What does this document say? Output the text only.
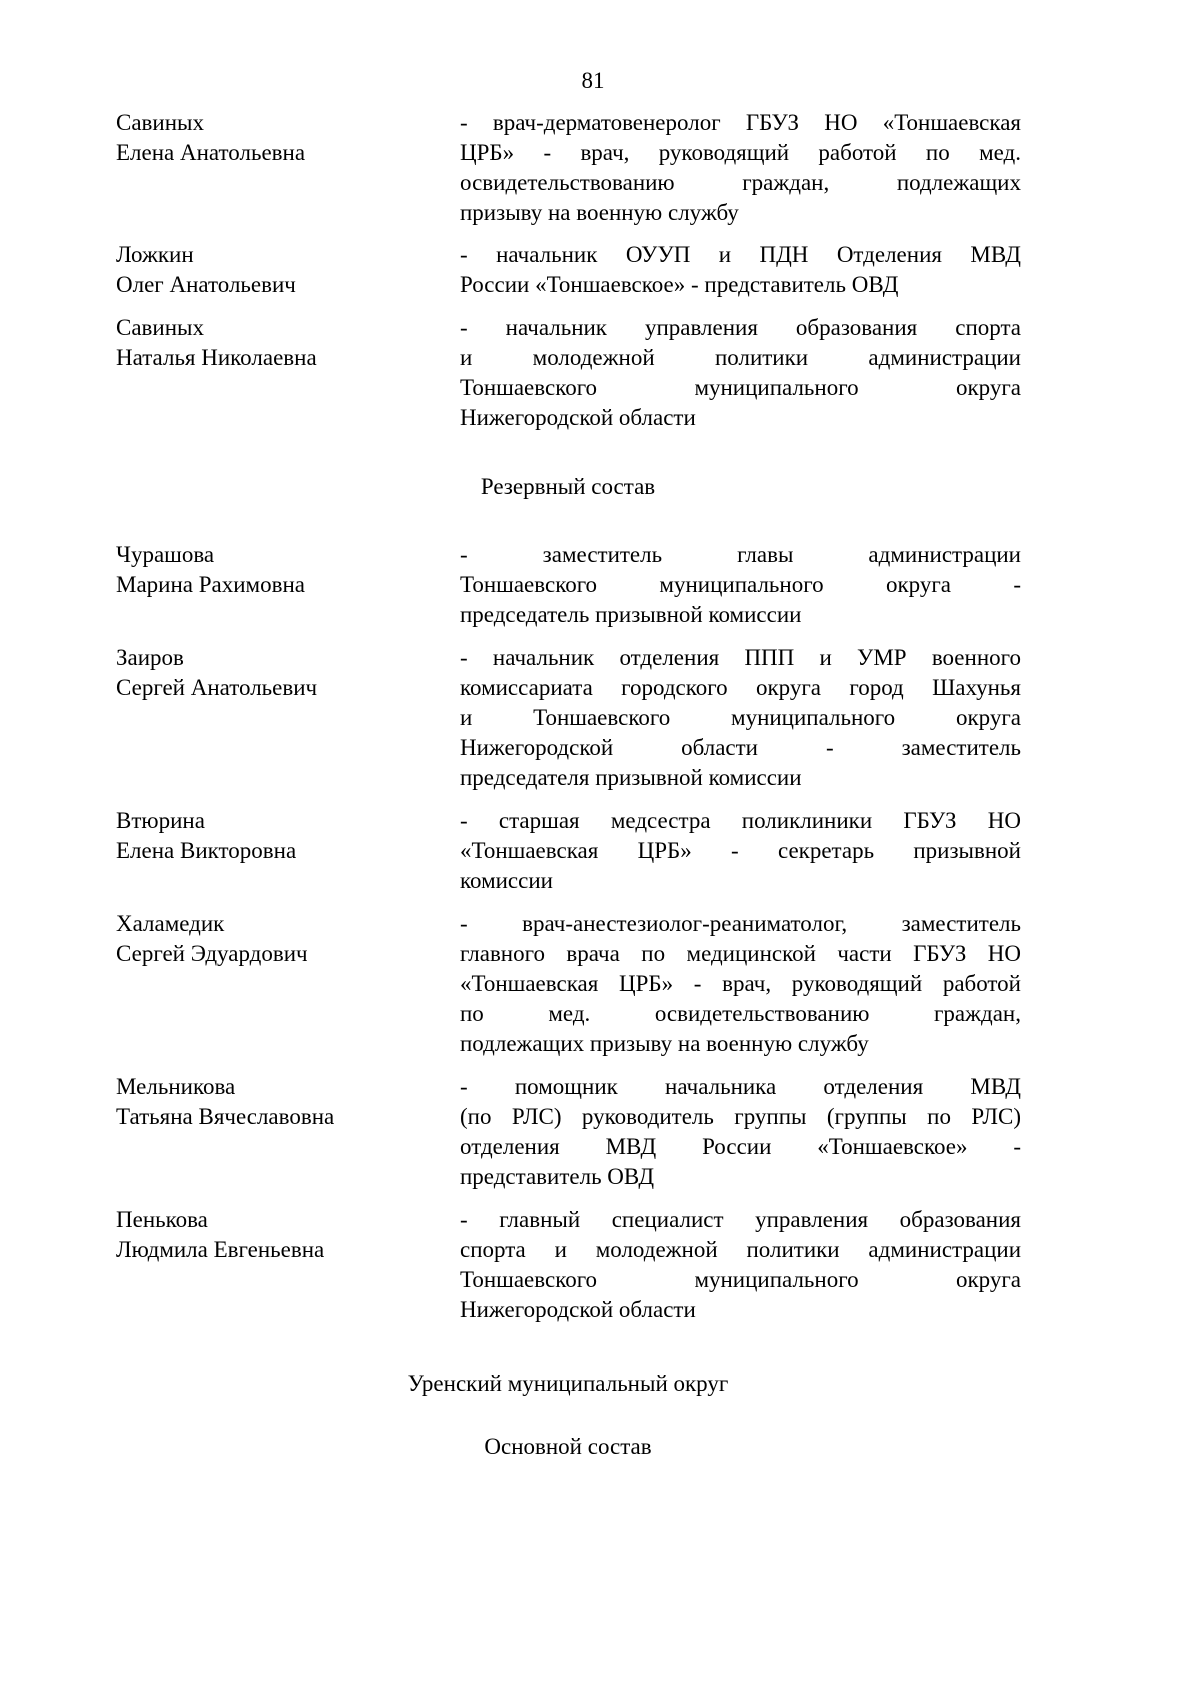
81
Савиных
Елена Анатольевна
- врач-дерматовенеролог ГБУЗ НО «Тоншаевская
ЦРБ» - врач, руководящий работой по мед.
освидетельствованию граждан, подлежащих
призыву на военную службу
Ложкин
Олег Анатольевич
- начальник ОУУП и ПДН Отделения МВД
России «Тоншаевское» - представитель ОВД
Савиных
Наталья Николаевна
- начальник управления образования спорта
и молодежной политики администрации
Тоншаевского муниципального округа
Нижегородской области
Чурашова
Марина Рахимовна
- заместитель главы администрации
Тоншаевского муниципального округа -
председатель призывной комиссии
Заиров
Сергей Анатольевич
- начальник отделения ППП и УМР военного
комиссариата городского округа город Шахунья
и Тоншаевского муниципального округа
Нижегородской области - заместитель
председателя призывной комиссии
Втюрина
Елена Викторовна
- старшая медсестра поликлиники ГБУЗ НО
«Тоншаевская ЦРБ» - секретарь призывной
комиссии
Халамедик
Сергей Эдуардович
- врач-анестезиолог-реаниматолог, заместитель
главного врача по медицинской части ГБУЗ НО
«Тоншаевская ЦРБ» - врач, руководящий работой
по мед. освидетельствованию граждан,
подлежащих призыву на военную службу
Мельникова
Татьяна Вячеславовна
- помощник начальника отделения МВД
(по РЛС) руководитель группы (группы по РЛС)
отделения МВД России «Тоншаевское» -
представитель ОВД
Пенькова
Людмила Евгеньевна
- главный специалист управления образования
спорта и молодежной политики администрации
Тоншаевского муниципального округа
Нижегородской области
Резервный состав
Уренский муниципальный округ
Основной состав
